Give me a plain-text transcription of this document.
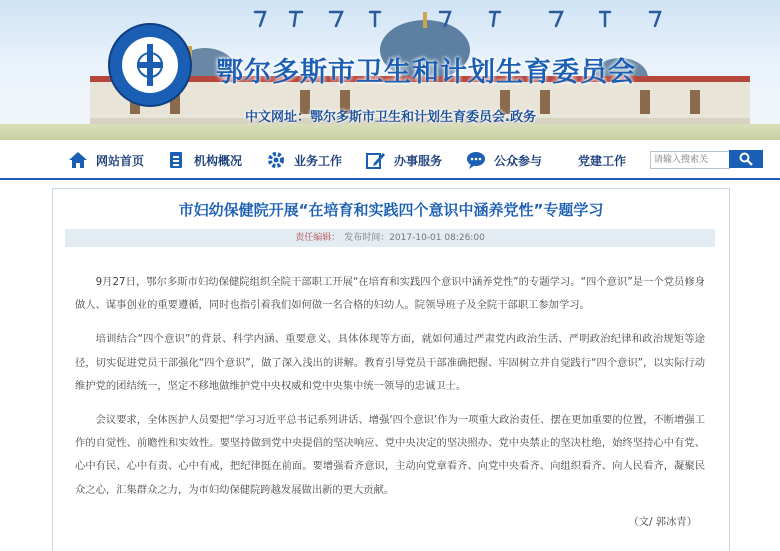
鄂尔多斯市卫生和计划生育委员会
中文网址：鄂尔多斯市卫生和计划生育委员会.政务
网站首页	机构概况	业务工作	办事服务	公众参与	党建工作
请输入搜索关
市妇幼保健院开展“在培育和实践四个意识中涵养党性”专题学习
责任编辑： 发布时间：2017-10-01 08:26:00

9月27日，鄂尔多斯市妇幼保健院组织全院干部职工开展“在培育和实践四个意识中涵养党性”的专题学习。“四个意识”是一个党员修身做人、谋事创业的重要遵循，同时也指引着我们如何做一名合格的妇幼人。院领导班子及全院干部职工参加学习。

培训结合“四个意识”的背景、科学内涵、重要意义、具体体现等方面，就如何通过严肃党内政治生活、严明政治纪律和政治规矩等途径，切实促进党员干部强化“四个意识”，做了深入浅出的讲解。教育引导党员干部准确把握、牢固树立并自觉践行“四个意识”，以实际行动维护党的团结统一，坚定不移地做维护党中央权威和党中央集中统一领导的忠诚卫士。

会议要求，全体医护人员要把“学习习近平总书记系列讲话、增强‘四个意识’作为一项重大政治责任、摆在更加重要的位置，不断增强工作的自觉性、前瞻性和实效性。要坚持做到党中央提倡的坚决响应、党中央决定的坚决照办、党中央禁止的坚决杜绝，始终坚持心中有党、心中有民、心中有责、心中有戒，把纪律挺在前面。要增强看齐意识，主动向党章看齐、向党中央看齐、向组织看齐、向人民看齐，凝聚民众之心，汇集群众之力，为市妇幼保健院跨越发展做出新的更大贡献。

（文/ 郭冰青）
